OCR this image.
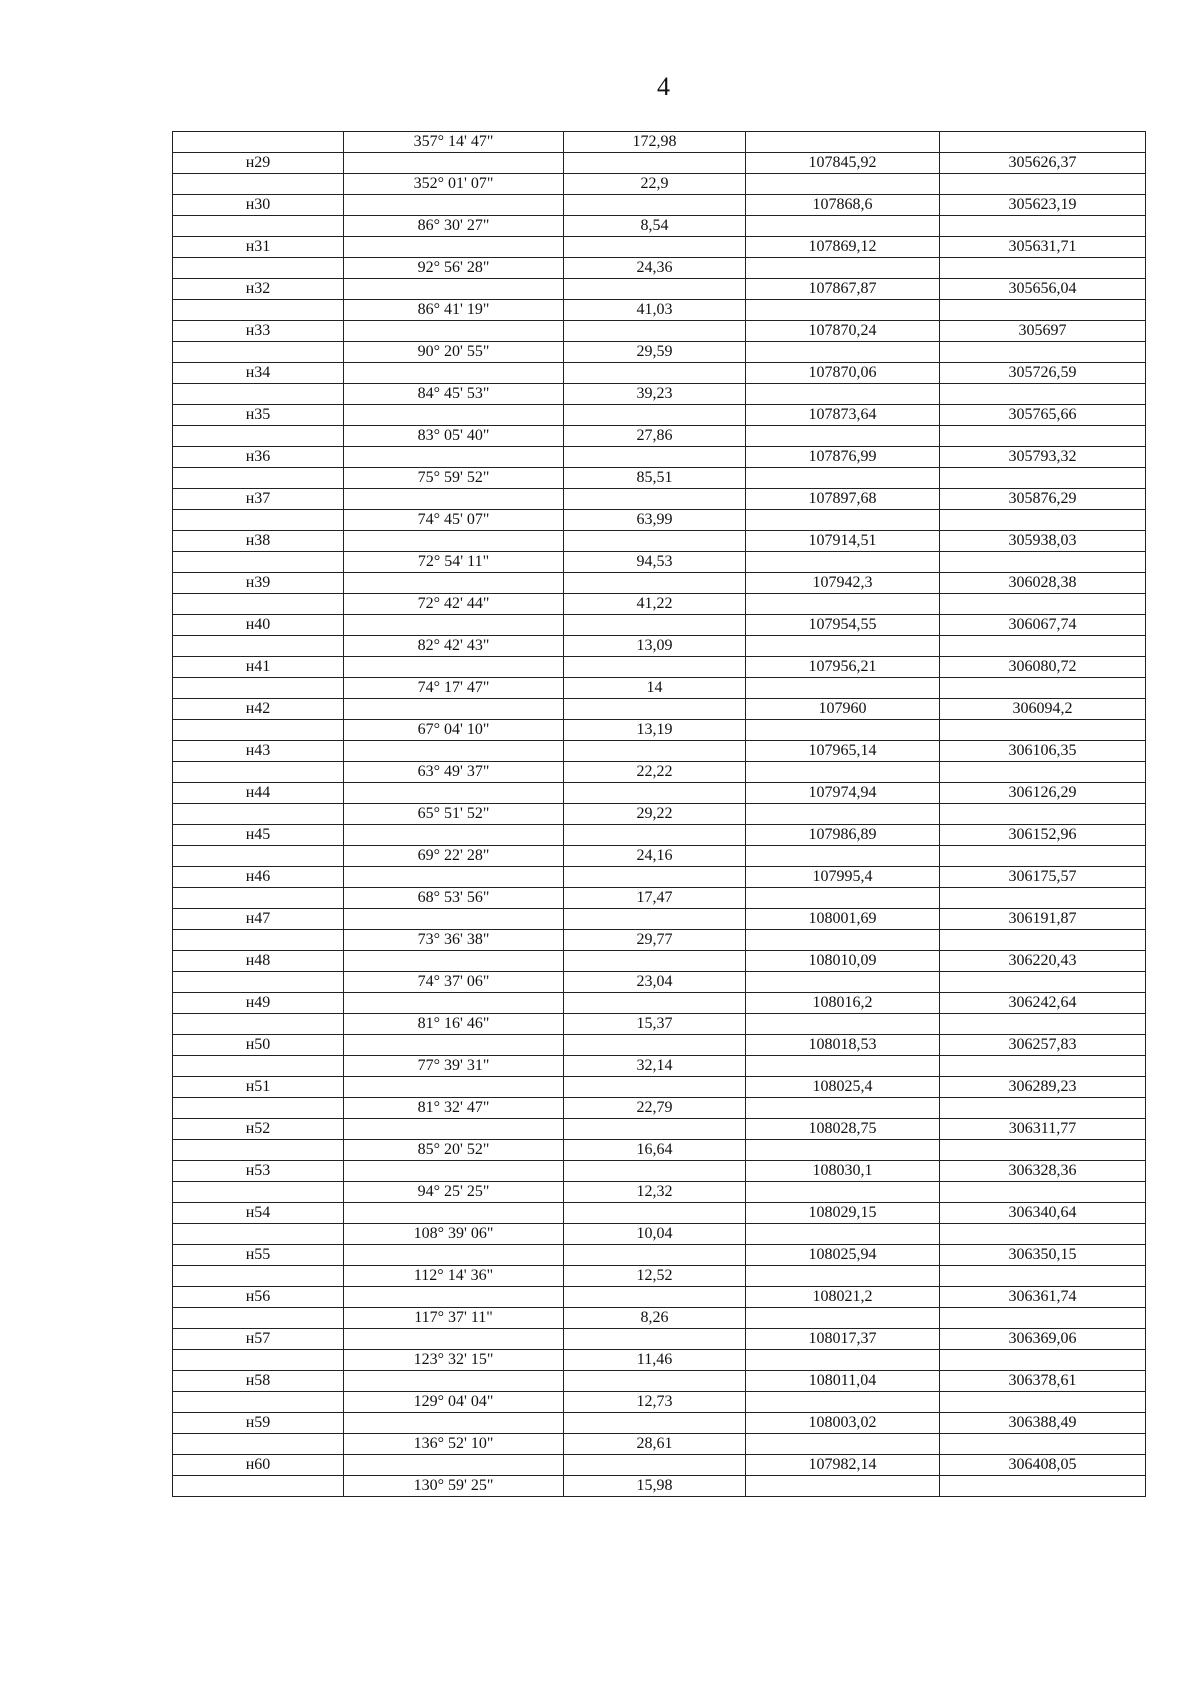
4
	357° 14' 47"	172,98		
н29			107845,92	305626,37
	352° 01' 07"	22,9		
н30			107868,6	305623,19
	86° 30' 27"	8,54		
н31			107869,12	305631,71
	92° 56' 28"	24,36		
н32			107867,87	305656,04
	86° 41' 19"	41,03		
н33			107870,24	305697
	90° 20' 55"	29,59		
н34			107870,06	305726,59
	84° 45' 53"	39,23		
н35			107873,64	305765,66
	83° 05' 40"	27,86		
н36			107876,99	305793,32
	75° 59' 52"	85,51		
н37			107897,68	305876,29
	74° 45' 07"	63,99		
н38			107914,51	305938,03
	72° 54' 11"	94,53		
н39			107942,3	306028,38
	72° 42' 44"	41,22		
н40			107954,55	306067,74
	82° 42' 43"	13,09		
н41			107956,21	306080,72
	74° 17' 47"	14		
н42			107960	306094,2
	67° 04' 10"	13,19		
н43			107965,14	306106,35
	63° 49' 37"	22,22		
н44			107974,94	306126,29
	65° 51' 52"	29,22		
н45			107986,89	306152,96
	69° 22' 28"	24,16		
н46			107995,4	306175,57
	68° 53' 56"	17,47		
н47			108001,69	306191,87
	73° 36' 38"	29,77		
н48			108010,09	306220,43
	74° 37' 06"	23,04		
н49			108016,2	306242,64
	81° 16' 46"	15,37		
н50			108018,53	306257,83
	77° 39' 31"	32,14		
н51			108025,4	306289,23
	81° 32' 47"	22,79		
н52			108028,75	306311,77
	85° 20' 52"	16,64		
н53			108030,1	306328,36
	94° 25' 25"	12,32		
н54			108029,15	306340,64
	108° 39' 06"	10,04		
н55			108025,94	306350,15
	112° 14' 36"	12,52		
н56			108021,2	306361,74
	117° 37' 11"	8,26		
н57			108017,37	306369,06
	123° 32' 15"	11,46		
н58			108011,04	306378,61
	129° 04' 04"	12,73		
н59			108003,02	306388,49
	136° 52' 10"	28,61		
н60			107982,14	306408,05
	130° 59' 25"	15,98		
